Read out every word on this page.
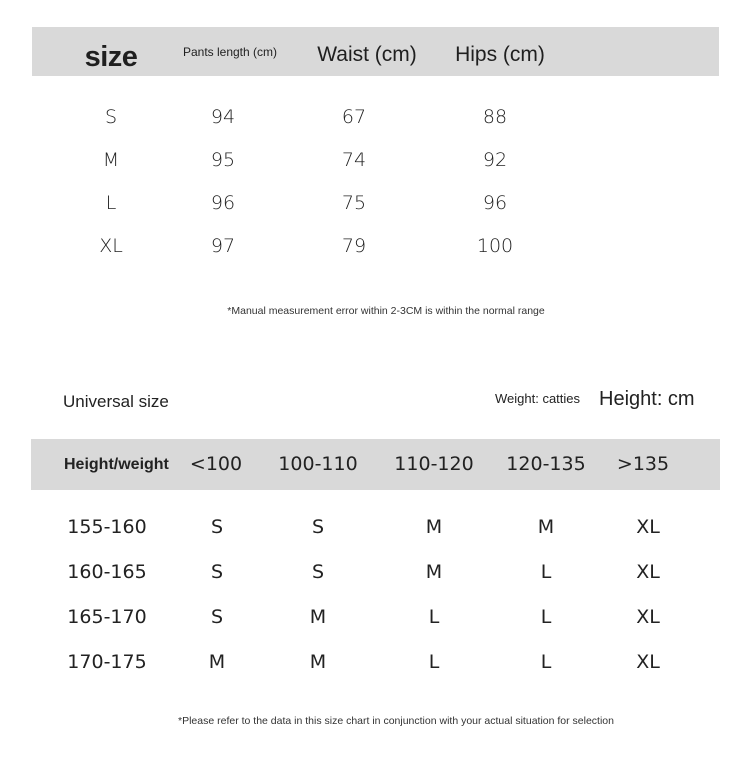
size	Pants length (cm) Waist (cm) Hips (cm)
S	94	67	88
M	95	74	92
L	96	75	96
XL	97	79	100
*Manual measurement error within 2-3CM is within the normal range
Universal size	Weight: catties Height: cm
Height/weight <100 100-110 110-120 120-135 >135
155-160	S	S	M	M	XL
160-165	S	S	M	L	XL
165-170	S	M	L	L	XL
170-175	M	M	L	L	XL
*Please refer to the data in this size chart in conjunction with your actual situation for selection
